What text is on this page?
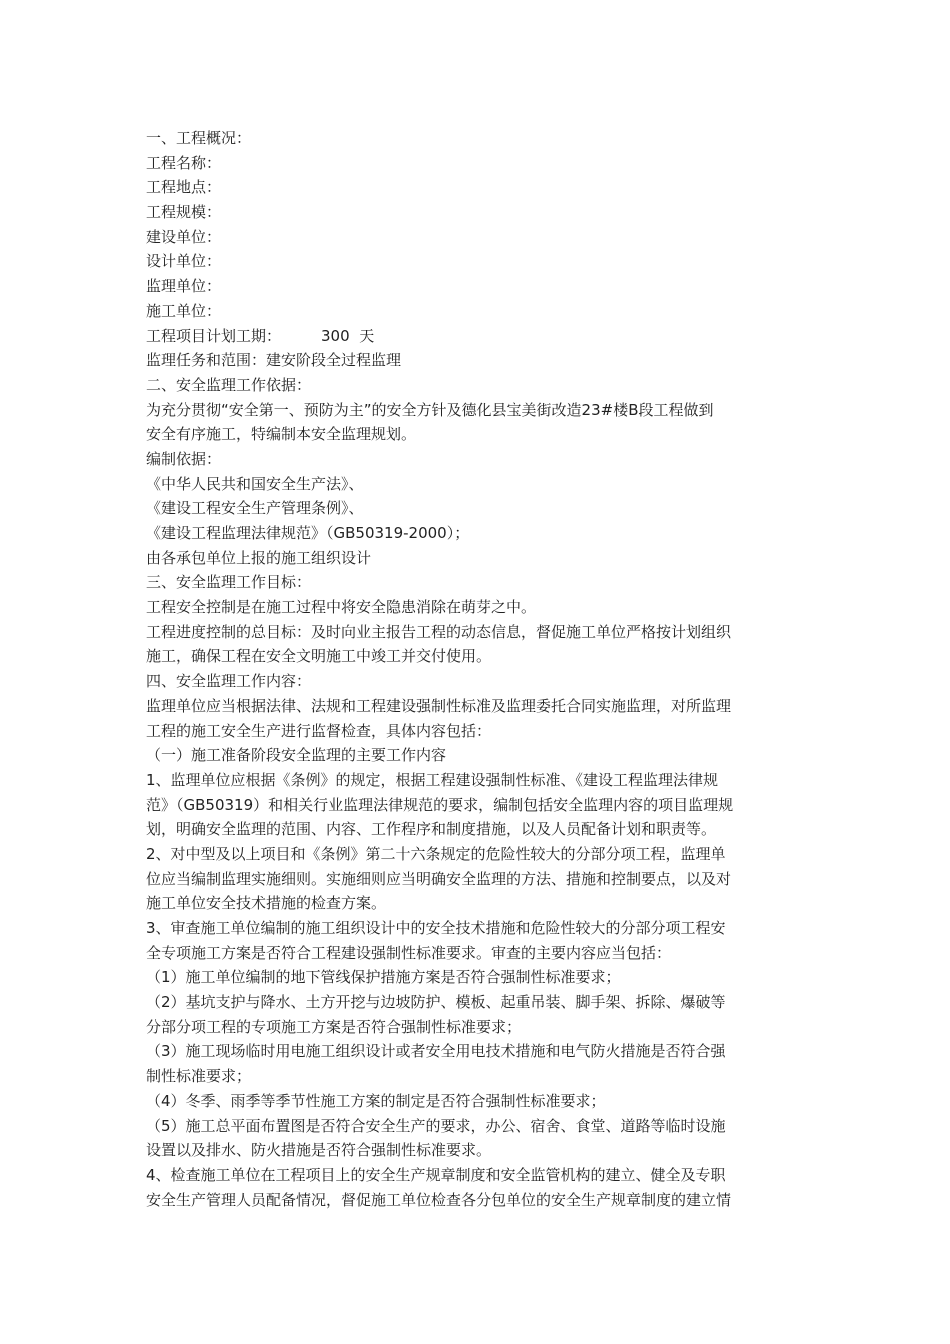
一、工程概况：
工程名称：
工程地点：
工程规模：
建设单位：
设计单位：
监理单位：
施工单位：
工程项目计划工期：	300 天
监理任务和范围：建安阶段全过程监理
二、安全监理工作依据：
为充分贯彻“安全第一、预防为主”的安全方针及德化县宝美街改造23#楼B段工程做到
安全有序施工，特编制本安全监理规划。
编制依据：
《中华人民共和国安全生产法》、
《建设工程安全生产管理条例》、
《建设工程监理法律规范》（GB50319-2000）；
由各承包单位上报的施工组织设计
三、安全监理工作目标：
工程安全控制是在施工过程中将安全隐患消除在萌芽之中。
工程进度控制的总目标：及时向业主报告工程的动态信息，督促施工单位严格按计划组织
施工，确保工程在安全文明施工中竣工并交付使用。
四、安全监理工作内容：
监理单位应当根据法律、法规和工程建设强制性标准及监理委托合同实施监理，对所监理
工程的施工安全生产进行监督检查，具体内容包括：
（一）施工准备阶段安全监理的主要工作内容
1、监理单位应根据《条例》的规定，根据工程建设强制性标准、《建设工程监理法律规
范》（GB50319）和相关行业监理法律规范的要求，编制包括安全监理内容的项目监理规
划，明确安全监理的范围、内容、工作程序和制度措施，以及人员配备计划和职责等。
2、对中型及以上项目和《条例》第二十六条规定的危险性较大的分部分项工程，监理单
位应当编制监理实施细则。实施细则应当明确安全监理的方法、措施和控制要点，以及对
施工单位安全技术措施的检查方案。
3、审查施工单位编制的施工组织设计中的安全技术措施和危险性较大的分部分项工程安
全专项施工方案是否符合工程建设强制性标准要求。审查的主要内容应当包括：
（1）施工单位编制的地下管线保护措施方案是否符合强制性标准要求；
（2）基坑支护与降水、土方开挖与边坡防护、模板、起重吊装、脚手架、拆除、爆破等
分部分项工程的专项施工方案是否符合强制性标准要求；
（3）施工现场临时用电施工组织设计或者安全用电技术措施和电气防火措施是否符合强
制性标准要求；
（4）冬季、雨季等季节性施工方案的制定是否符合强制性标准要求；
（5）施工总平面布置图是否符合安全生产的要求，办公、宿舍、食堂、道路等临时设施
设置以及排水、防火措施是否符合强制性标准要求。
4、检查施工单位在工程项目上的安全生产规章制度和安全监管机构的建立、健全及专职
安全生产管理人员配备情况，督促施工单位检查各分包单位的安全生产规章制度的建立情
